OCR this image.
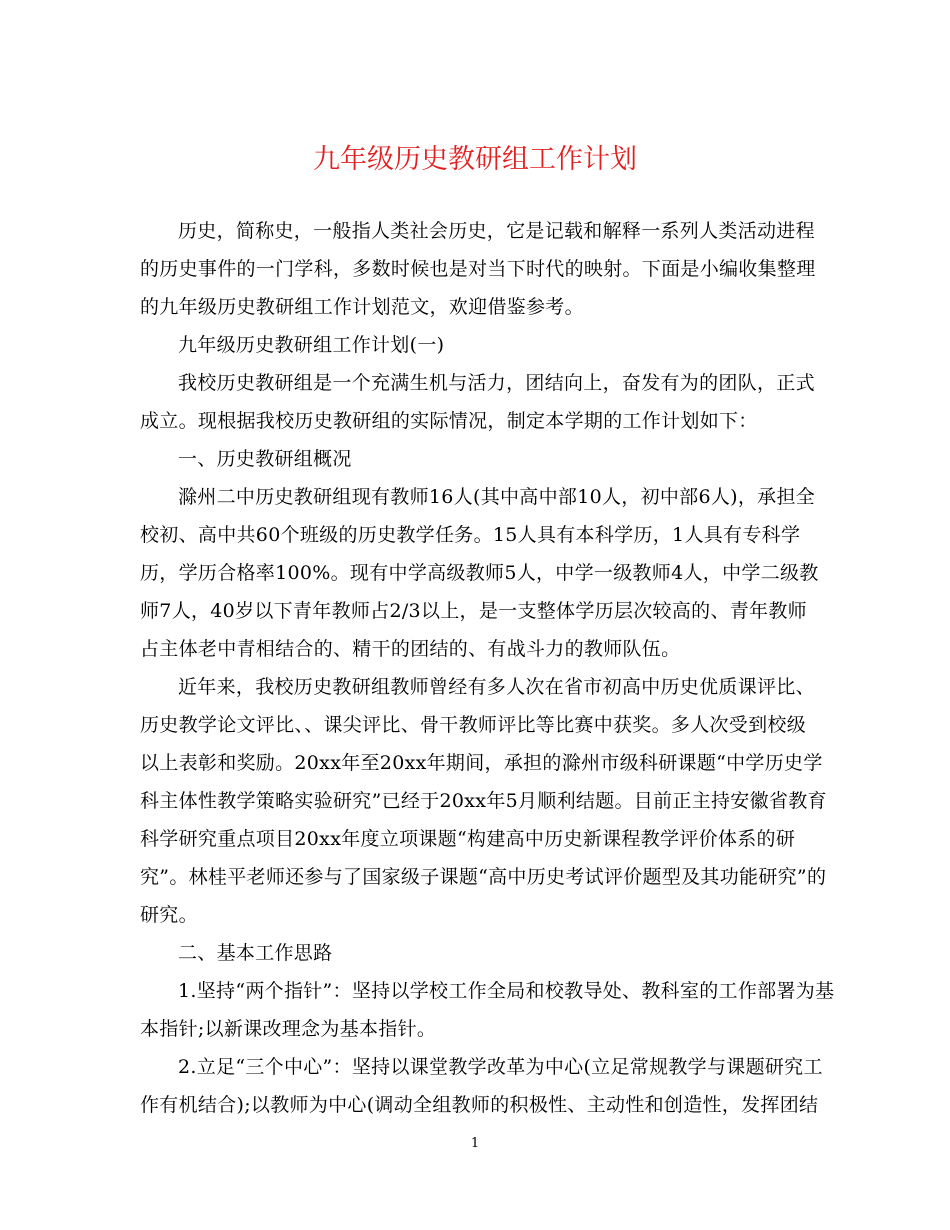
九年级历史教研组工作计划
历史，简称史，一般指人类社会历史，它是记载和解释一系列人类活动进程
的历史事件的一门学科，多数时候也是对当下时代的映射。下面是小编收集整理
的九年级历史教研组工作计划范文，欢迎借鉴参考。
九年级历史教研组工作计划(一)
我校历史教研组是一个充满生机与活力，团结向上，奋发有为的团队，正式
成立。现根据我校历史教研组的实际情况，制定本学期的工作计划如下：
一、历史教研组概况
滁州二中历史教研组现有教师16人(其中高中部10人，初中部6人)，承担全
校初、高中共60个班级的历史教学任务。15人具有本科学历，1人具有专科学
历，学历合格率100%。现有中学高级教师5人，中学一级教师4人，中学二级教
师7人，40岁以下青年教师占2/3以上，是一支整体学历层次较高的、青年教师
占主体老中青相结合的、精干的团结的、有战斗力的教师队伍。
近年来，我校历史教研组教师曾经有多人次在省市初高中历史优质课评比、
历史教学论文评比、、课尖评比、骨干教师评比等比赛中获奖。多人次受到校级
以上表彰和奖励。20xx年至20xx年期间，承担的滁州市级科研课题“中学历史学
科主体性教学策略实验研究”已经于20xx年5月顺利结题。目前正主持安徽省教育
科学研究重点项目20xx年度立项课题“构建高中历史新课程教学评价体系的研
究”。林桂平老师还参与了国家级子课题“高中历史考试评价题型及其功能研究”的
研究。
二、基本工作思路
1.坚持“两个指针”：坚持以学校工作全局和校教导处、教科室的工作部署为基
本指针;以新课改理念为基本指针。
2.立足“三个中心”：坚持以课堂教学改革为中心(立足常规教学与课题研究工
作有机结合);以教师为中心(调动全组教师的积极性、主动性和创造性，发挥团结
1
